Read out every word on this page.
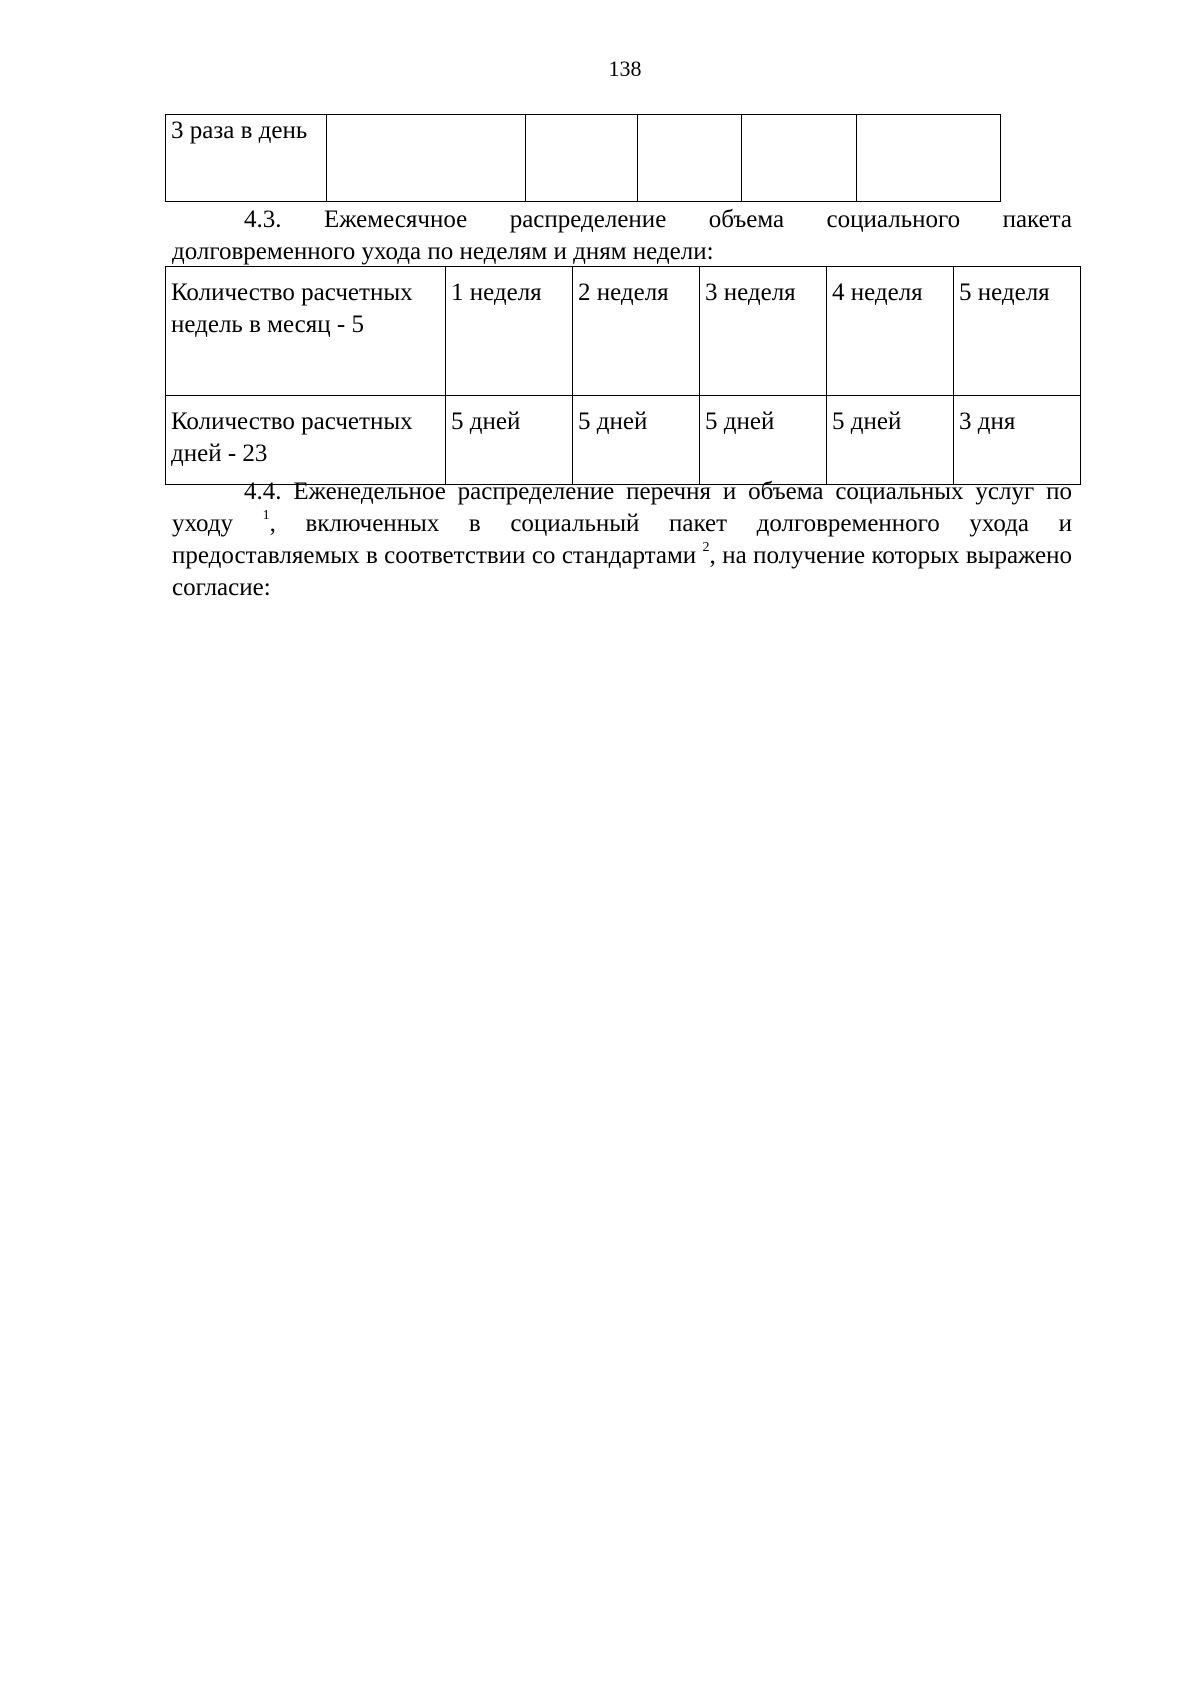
138
3 раза в день					

4.3. Ежемесячное распределение объема социального пакета долговременного ухода по неделям и дням недели:

Количество расчетных недель в месяц - 5	1 неделя	2 неделя	3 неделя	4 неделя	5 неделя
Количество расчетных дней - 23	5 дней	5 дней	5 дней	5 дней	3 дня

4.4. Еженедельное распределение перечня и объема социальных услуг по уходу $^1$, включенных в социальный пакет долговременного ухода и предоставляемых в соответствии со стандартами $^2$, на получение которых выражено согласие:
